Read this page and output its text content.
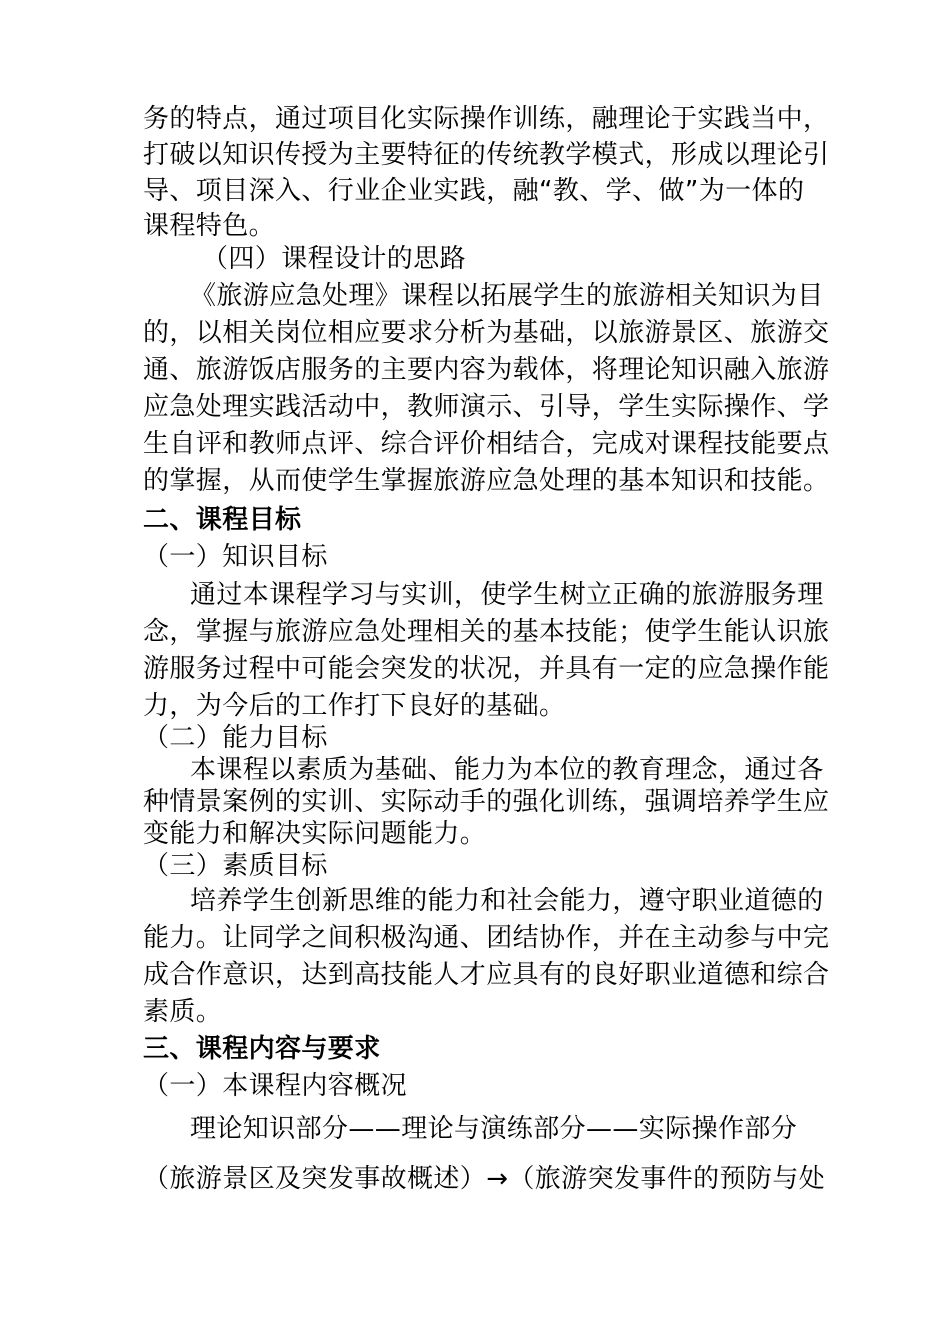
务的特点，通过项目化实际操作训练，融理论于实践当中，
打破以知识传授为主要特征的传统教学模式，形成以理论引
导、项目深入、行业企业实践，融“教、学、做”为一体的
课程特色。
（四）课程设计的思路
《旅游应急处理》课程以拓展学生的旅游相关知识为目
的，以相关岗位相应要求分析为基础，以旅游景区、旅游交
通、旅游饭店服务的主要内容为载体，将理论知识融入旅游
应急处理实践活动中，教师演示、引导，学生实际操作、学
生自评和教师点评、综合评价相结合，完成对课程技能要点
的掌握，从而使学生掌握旅游应急处理的基本知识和技能。
二、课程目标
（一）知识目标
通过本课程学习与实训，使学生树立正确的旅游服务理
念，掌握与旅游应急处理相关的基本技能；使学生能认识旅
游服务过程中可能会突发的状况，并具有一定的应急操作能
力，为今后的工作打下良好的基础。
（二）能力目标
本课程以素质为基础、能力为本位的教育理念，通过各
种情景案例的实训、实际动手的强化训练，强调培养学生应
变能力和解决实际问题能力。
（三）素质目标
培养学生创新思维的能力和社会能力，遵守职业道德的
能力。让同学之间积极沟通、团结协作，并在主动参与中完
成合作意识，达到高技能人才应具有的良好职业道德和综合
素质。
三、课程内容与要求
（一）本课程内容概况
理论知识部分——理论与演练部分——实际操作部分
（旅游景区及突发事故概述）→（旅游突发事件的预防与处
